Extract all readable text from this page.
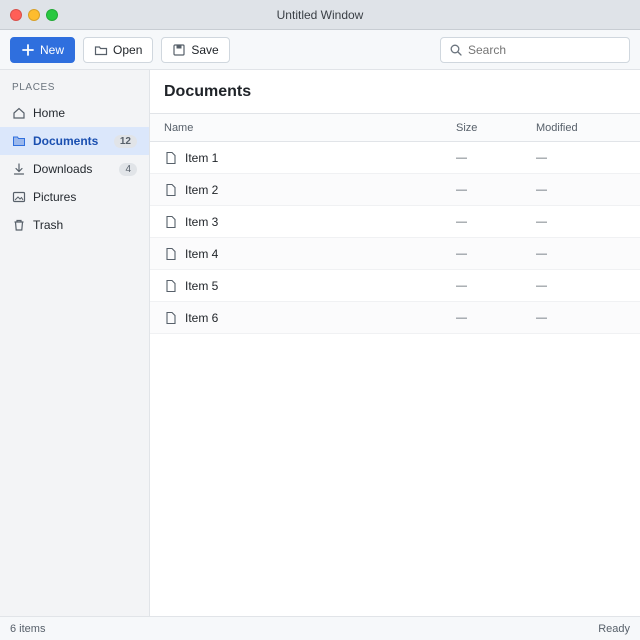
Untitled Window
New	Open	Save
Search
PLACES
Home
Documents	12
Downloads	4
Pictures
Trash
Documents
Name	Size	Modified
Item 1	—	—
Item 2	—	—
Item 3	—	—
Item 4	—	—
Item 5	—	—
Item 6	—	—
6 items	Ready
